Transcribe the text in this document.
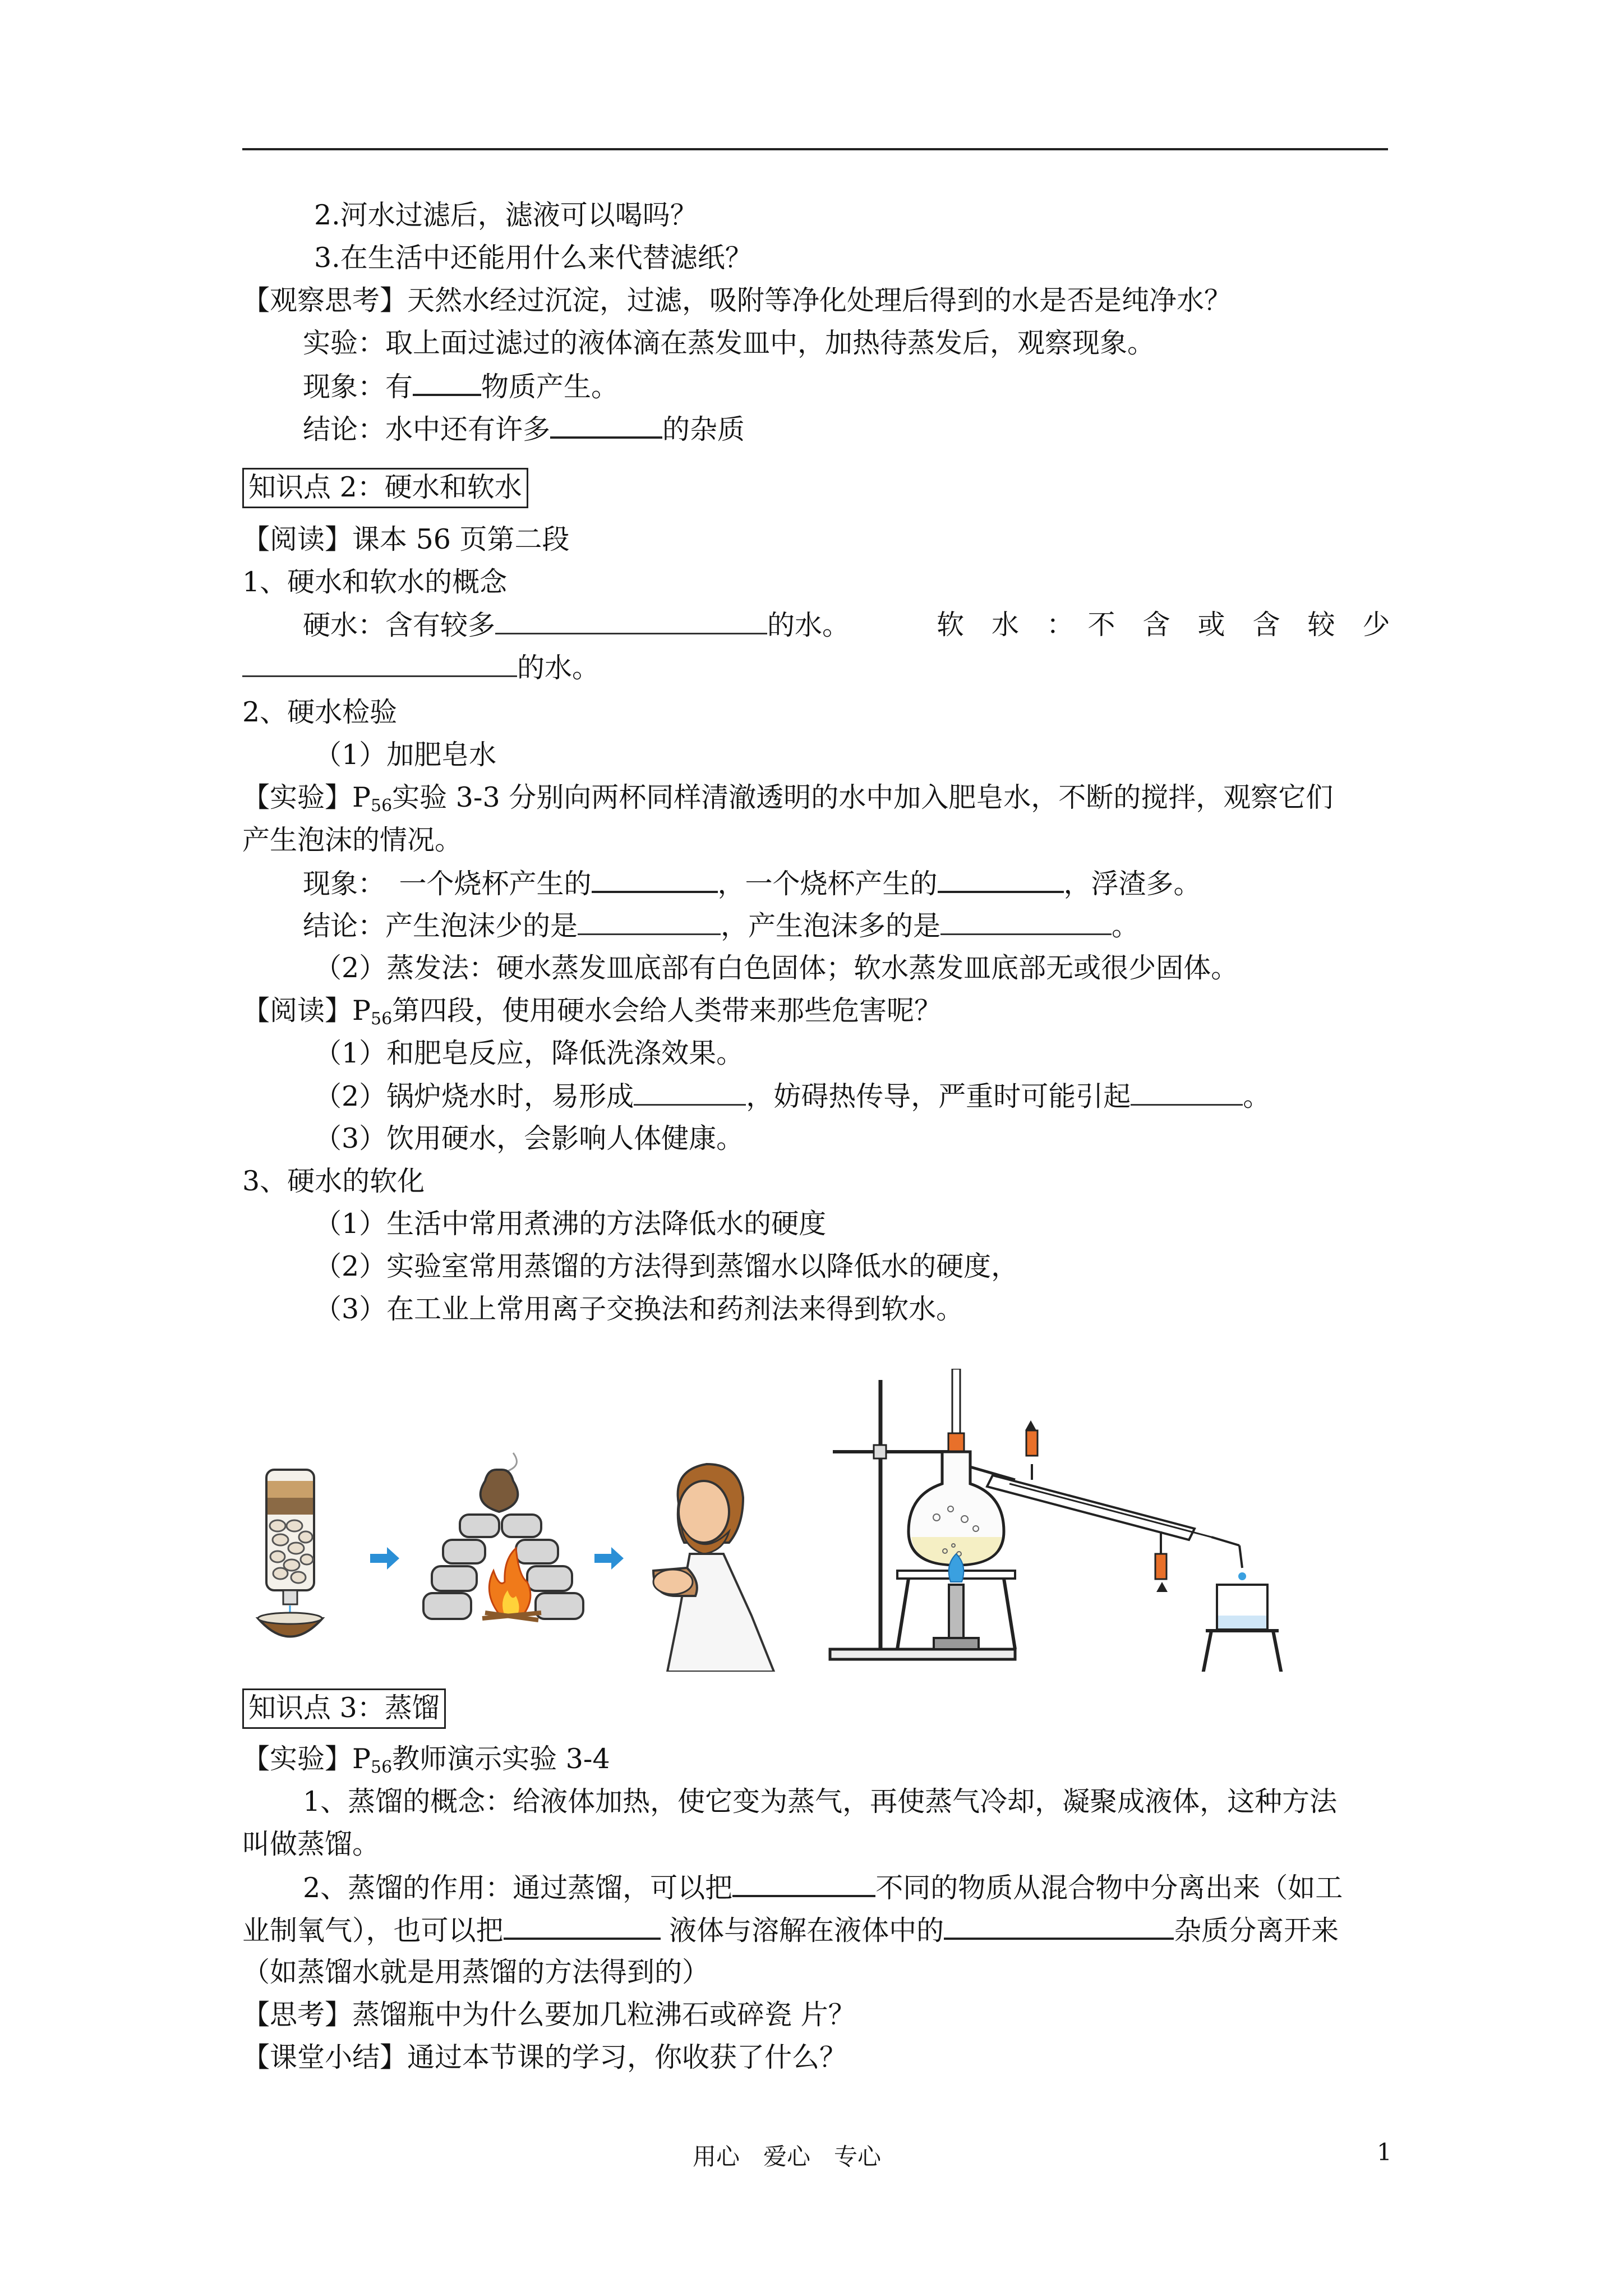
2.河水过滤后，滤液可以喝吗？
3.在生活中还能用什么来代替滤纸？
【观察思考】天然水经过沉淀，过滤，吸附等净化处理后得到的水是否是纯净水？
实验：取上面过滤过的液体滴在蒸发皿中，加热待蒸发后，观察现象。
现象：有 物质产生。
结论：水中还有许多	的杂质
知识点 2：硬水和软水
【阅读】课本 56 页第二段
1、硬水和软水的概念
硬水：含有较多	的水。	软　水　：　不　含　或　含　较　少
的水。
2、硬水检验
（1）加肥皂水
【实验】$P_{56}$实验 3-3 分别向两杯同样清澈透明的水中加入肥皂水，不断的搅拌，观察它们
产生泡沫的情况。
现象：　一个烧杯产生的	，一个烧杯产生的	，浮渣多。
结论：产生泡沫少的是	，产生泡沫多的是	。
（2）蒸发法：硬水蒸发皿底部有白色固体；软水蒸发皿底部无或很少固体。
【阅读】$P_{56}$第四段，使用硬水会给人类带来那些危害呢？
（1）和肥皂反应，降低洗涤效果。
（2）锅炉烧水时，易形成	，妨碍热传导，严重时可能引起	。
（3）饮用硬水，会影响人体健康。
3、硬水的软化
（1）生活中常用煮沸的方法降低水的硬度
（2）实验室常用蒸馏的方法得到蒸馏水以降低水的硬度，
（3）在工业上常用离子交换法和药剂法来得到软水。
知识点 3：蒸馏
【实验】$P_{56}$教师演示实验 3-4
1、蒸馏的概念：给液体加热，使它变为蒸气，再使蒸气冷却，凝聚成液体，这种方法
叫做蒸馏。
2、蒸馏的作用：通过蒸馏，可以把	不同的物质从混合物中分离出来（如工
业制氧气），也可以把	液体与溶解在液体中的	杂质分离开来
（如蒸馏水就是用蒸馏的方法得到的）
【思考】蒸馏瓶中为什么要加几粒沸石或碎瓷 片？
【课堂小结】通过本节课的学习，你收获了什么？
用心　爱心　专心	1
